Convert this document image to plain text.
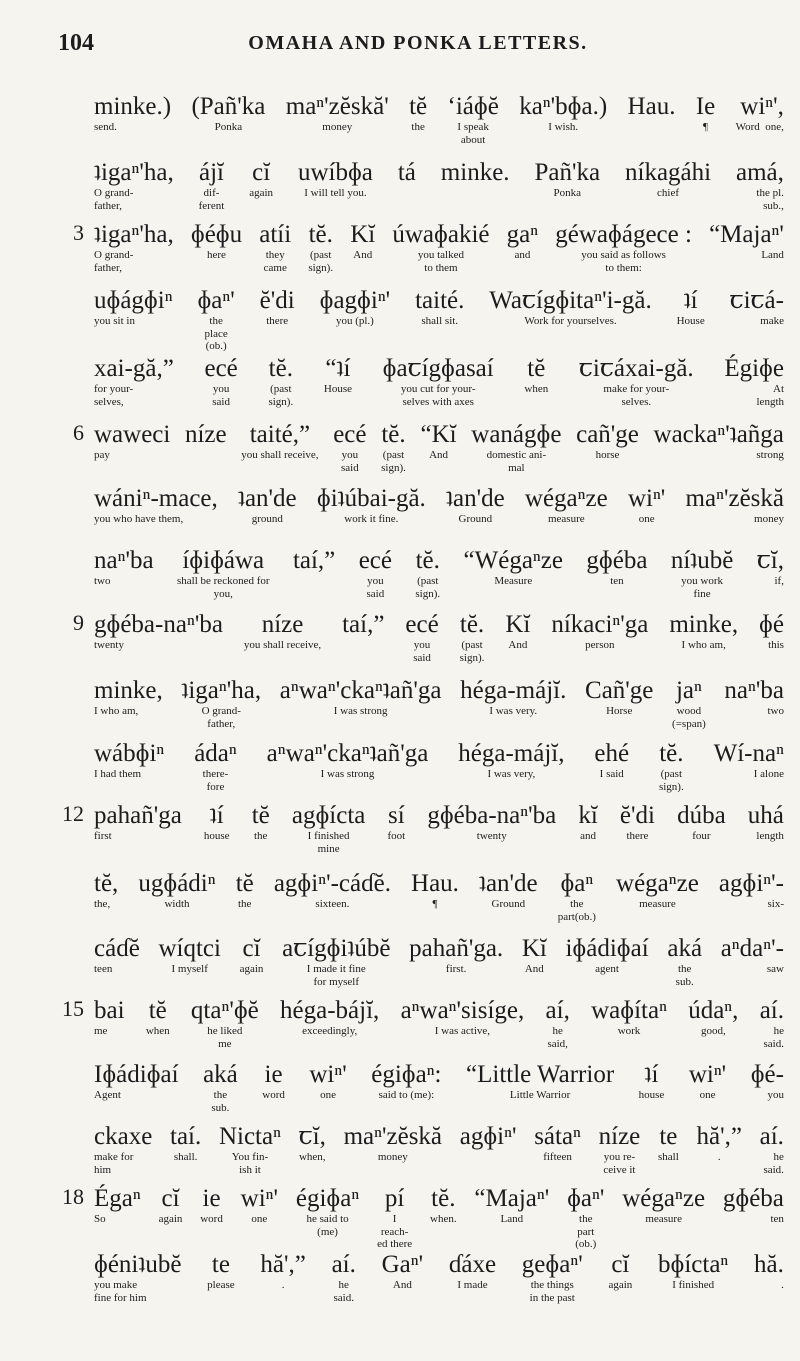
104	OMAHA AND PONKA LETTERS.
minke.)
send.
(Pañ'ka
Ponka
maⁿ'zĕskă'
money
tĕ
the
ʻiáɸĕ
I speak
about
kaⁿ'bɸa.)
I wish.
Hau. Ie
¶
wiⁿ',
Word  one,
ʇigaⁿ'ha,
O grand-
father,
ájĭ
dif-
ferent
cĭ
again
uwíbɸa
I will tell you.
tá minke. Pañ'ka
Ponka
níkagáhi
chief
amá,
the pl.
sub.,
3 ʇigaⁿ'ha,
O grand-
father,
ɸéɸu
here
atíi
they
came
tĕ.
(past
sign).
Kĭ
And
úwaɸakié
you talked
to them
gaⁿ
and
géwaɸágece :
you said as follows
to them:
“Majaⁿ'
Land
uɸágɸiⁿ
you sit in
ɸaⁿ'
the
place
(ob.)
ĕ'di
there
ɸagɸiⁿ'
you (pl.)
taité.
shall sit.
Waꞇígɸitaⁿ'i-gă.
Work for yourselves.
ʇí
House
ꞇiꞇá-
make
xai-gă,”
for your-
selves,
ecé
you
said
tĕ.
(past
sign).
“ʇí
House
ɸaꞇígɸasaí
you cut for your-
selves with axes
tĕ
when
ꞇiꞇáxai-gă.
make for your-
selves.
Égiɸe
At
length
6 waweci
pay
níze taité,”
you shall receive,
ecé
you
said
tĕ.
(past
sign).
“Kĭ
And
wanágɸe
domestic ani-
mal
cañ'ge
horse
wackaⁿ'ʇañga
strong
wániⁿ-mace,
you who have them,
ʇan'de
ground
ɸiʇúbai-gă.
work it fine.
ʇan'de
Ground
wégaⁿze
measure
wiⁿ'
one
maⁿ'zĕskă
money
naⁿ'ba
two
íɸiɸáwa
shall be reckoned for
you,
taí,” ecé
you
said
tĕ.
(past
sign).
“Wégaⁿze
Measure
gɸéba
ten
níʇubĕ
you work
fine
ꞇĭ,
if,
9 gɸéba-naⁿ'ba
twenty
níze
you shall receive,
taí,” ecé
you
said
tĕ.
(past
sign).
Kĭ
And
níkaciⁿ'ga
person
minke,
I who am,
ɸé
this
minke,
I who am,
ʇigaⁿ'ha,
O grand-
father,
aⁿwaⁿ'ckaⁿʇañ'ga
I was strong
héga-májĭ.
I was very.
Cañ'ge
Horse
jaⁿ
wood
(=span)
naⁿ'ba
two
wábɸiⁿ
I had them
ádaⁿ
there-
fore
aⁿwaⁿ'ckaⁿʇañ'ga
I was strong
héga-májĭ,
I was very,
ehé
I said
tĕ.
(past
sign).
Wí-naⁿ
I alone
12 pahañ'ga
first
ʇí
house
tĕ
the
agɸícta
I finished
mine
sí
foot
gɸéba-naⁿ'ba
twenty
kĭ
and
ĕ'di
there
dúba
four
uhá
length
tĕ,
the,
ugɸádiⁿ
width
tĕ
the
agɸiⁿ'-cáɗĕ.
sixteen.
Hau.
¶
ʇan'de
Ground
ɸaⁿ
the
part(ob.)
wégaⁿze
measure
agɸiⁿ'-
six-
cáɗĕ
teen
wíqtci
I myself
cĭ
again
aꞇígɸiʇúbĕ
I made it fine
for myself
pahañ'ga.
first.
Kĭ
And
iɸádiɸaí
agent
aká
the
sub.
aⁿdaⁿ'-
saw
15 bai
me
tĕ
when
qtaⁿ'ɸĕ
he liked
me
héga-bájĭ,
exceedingly,
aⁿwaⁿ'sisíge,
I was active,
aí,
he
said,
waɸítaⁿ
work
údaⁿ,
good,
aí.
he
said.
Iɸádiɸaí
Agent
aká
the
sub.
ie
word
wiⁿ'
one
égiɸaⁿ:
said to (me):
“Little Warrior
Little Warrior
ʇí
house
wiⁿ'
one
ɸé-
you
ckaxe
make for
him
taí.
shall.
Nictaⁿ
You fin-
ish it
ꞇĭ,
when,
maⁿ'zĕskă
money
agɸiⁿ' sátaⁿ
fifteen
níze
you re-
ceive it
te
shall
hă',”
.
aí.
he
said.
18 Égaⁿ
So
cĭ
again
ie
word
wiⁿ'
one
égiɸaⁿ
he said to
(me)
pí
I
reach-
ed there
tĕ.
when.
“Majaⁿ'
Land
ɸaⁿ'
the
part
(ob.)
wégaⁿze
measure
gɸéba
ten
ɸéniʇubĕ
you make
fine for him
te
please
hă',”
.
aí.
he
said.
Gaⁿ'
And
ɗáxe
I made
geɸaⁿ'
the things
in the past
cĭ
again
bɸíctaⁿ
I finished
hă.
.
